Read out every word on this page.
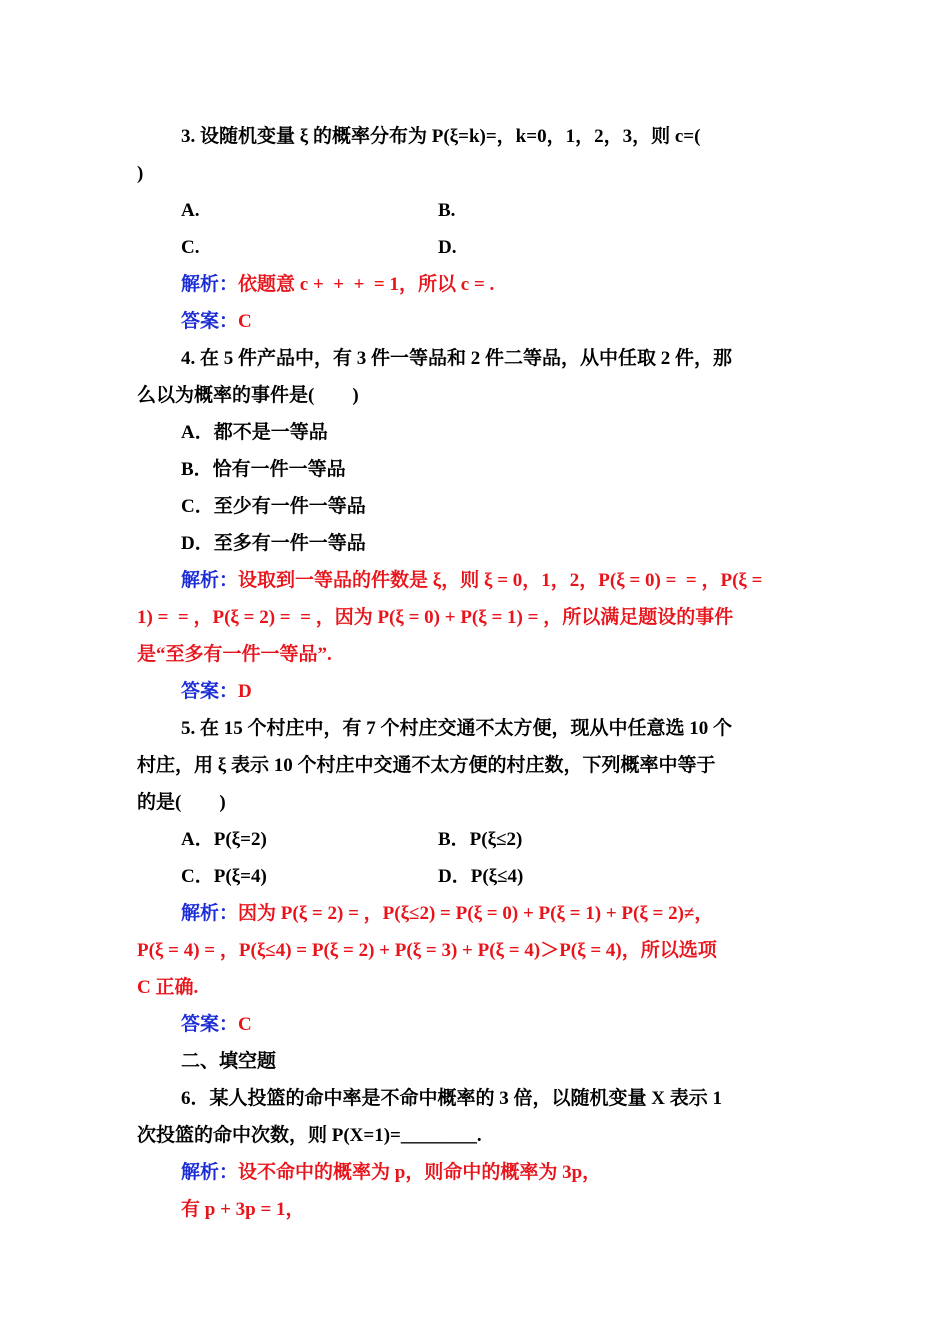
3. 设随机变量 ξ 的概率分布为 P(ξ=k)=，k=0，1，2，3，则 c=(
)
A.	B.
C.	D.
解析：依题意 c +  +  +  = 1，所以 c = .
答案：C
4. 在 5 件产品中，有 3 件一等品和 2 件二等品，从中任取 2 件，那
么以为概率的事件是(        )
A．都不是一等品
B．恰有一件一等品
C．至少有一件一等品
D．至多有一件一等品
解析：设取到一等品的件数是 ξ，则 ξ = 0，1，2，P(ξ = 0) =  = ，P(ξ =
1) =  = ，P(ξ = 2) =  = ，因为 P(ξ = 0) + P(ξ = 1) = ，所以满足题设的事件
是“至多有一件一等品”.
答案：D
5. 在 15 个村庄中，有 7 个村庄交通不太方便，现从中任意选 10 个
村庄，用 ξ 表示 10 个村庄中交通不太方便的村庄数，下列概率中等于
的是(        )
A．P(ξ=2)	B．P(ξ≤2)
C．P(ξ=4)	D．P(ξ≤4)
解析：因为 P(ξ = 2) = ，P(ξ≤2) = P(ξ = 0) + P(ξ = 1) + P(ξ = 2)≠，
P(ξ = 4) = ，P(ξ≤4) = P(ξ = 2) + P(ξ = 3) + P(ξ = 4)＞P(ξ = 4)，所以选项
C 正确.
答案：C
二、填空题
6．某人投篮的命中率是不命中概率的 3 倍，以随机变量 X 表示 1
次投篮的命中次数，则 P(X=1)=________.
解析：设不命中的概率为 p，则命中的概率为 3p，
有 p + 3p = 1，
